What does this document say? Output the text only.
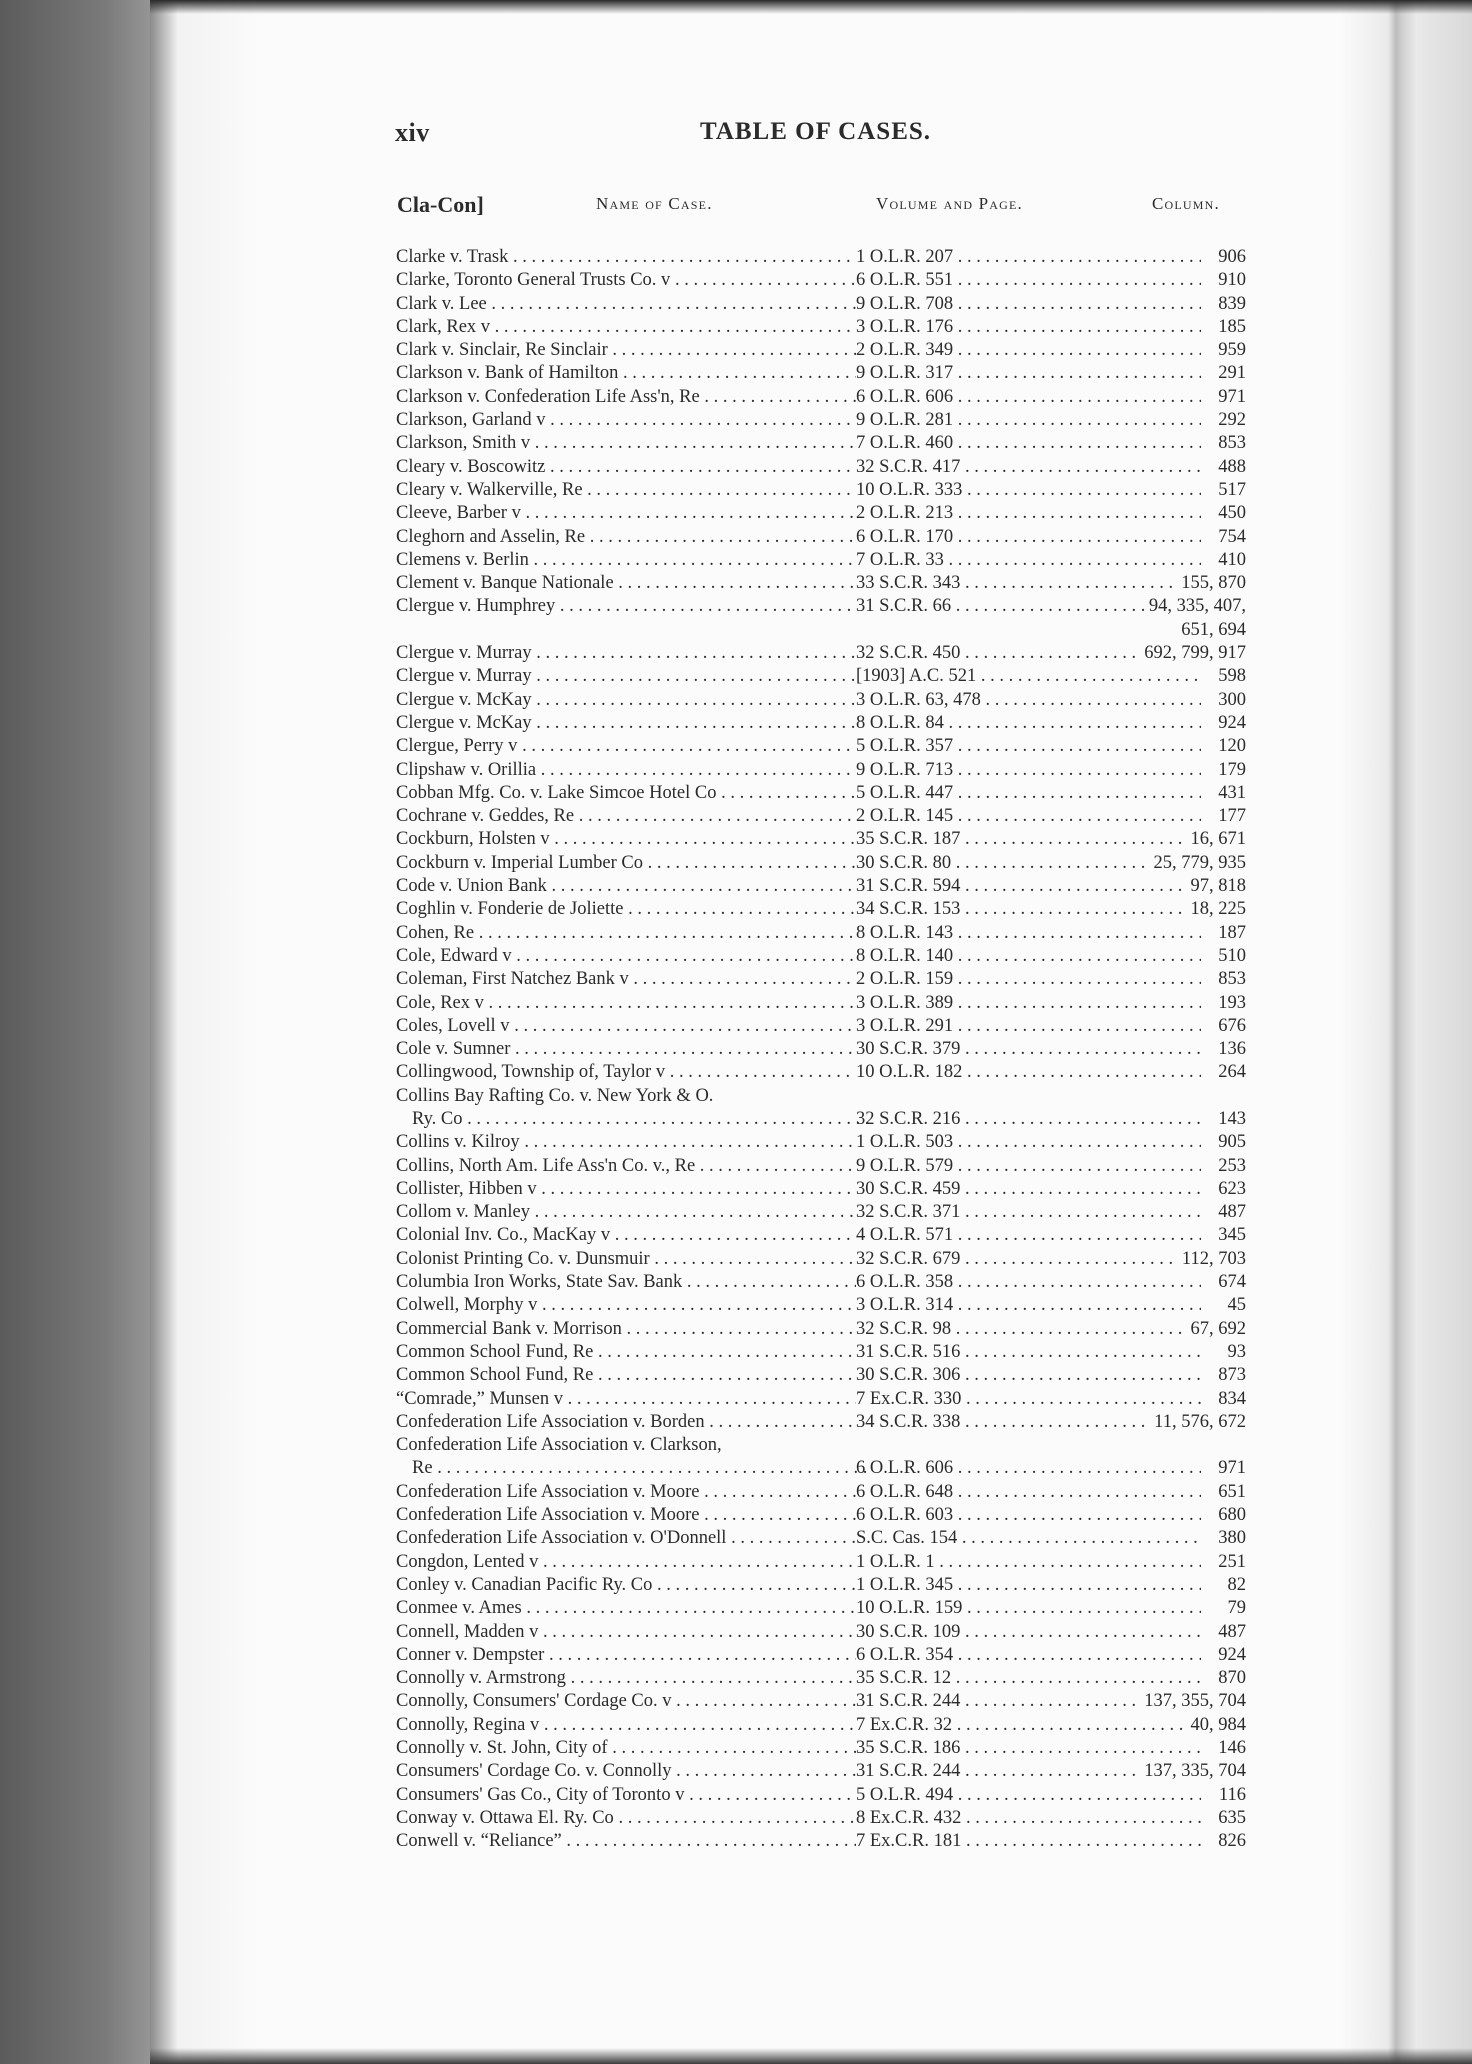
xiv	TABLE OF CASES.
Cla-Con]	Name of Case.	Volume and Page.	Column.
Clarke v. Trask . . .	1 O.L.R. 207 . . .	906
Clarke, Toronto General Trusts Co. v . . .	6 O.L.R. 551 . . .	910
Clark v. Lee . . .	9 O.L.R. 708 . . .	839
Clark, Rex v . . .	3 O.L.R. 176 . . .	185
Clark v. Sinclair, Re Sinclair . . .	2 O.L.R. 349 . . .	959
Clarkson v. Bank of Hamilton . . .	9 O.L.R. 317 . . .	291
Clarkson v. Confederation Life Ass'n, Re . . .	6 O.L.R. 606 . . .	971
Clarkson, Garland v . . .	9 O.L.R. 281 . . .	292
Clarkson, Smith v . . .	7 O.L.R. 460 . . .	853
Cleary v. Boscowitz . . .	32 S.C.R. 417 . . .	488
Cleary v. Walkerville, Re . . .	10 O.L.R. 333 . . .	517
Cleeve, Barber v . . .	2 O.L.R. 213 . . .	450
Cleghorn and Asselin, Re . . .	6 O.L.R. 170 . . .	754
Clemens v. Berlin . . .	7 O.L.R. 33 . . .	410
Clement v. Banque Nationale . . .	33 S.C.R. 343 . . .	155, 870
Clergue v. Humphrey . . .	31 S.C.R. 66 . . .	94, 335, 407,
651, 694
Clergue v. Murray . . .	32 S.C.R. 450 . . .	692, 799, 917
Clergue v. Murray . . .	[1903] A.C. 521 . . .	598
Clergue v. McKay . . .	3 O.L.R. 63, 478 . . .	300
Clergue v. McKay . . .	8 O.L.R. 84 . . .	924
Clergue, Perry v . . .	5 O.L.R. 357 . . .	120
Clipshaw v. Orillia . . .	9 O.L.R. 713 . . .	179
Cobban Mfg. Co. v. Lake Simcoe Hotel Co . . .	5 O.L.R. 447 . . .	431
Cochrane v. Geddes, Re . . .	2 O.L.R. 145 . . .	177
Cockburn, Holsten v . . .	35 S.C.R. 187 . . .	16, 671
Cockburn v. Imperial Lumber Co . . .	30 S.C.R. 80 . . .	25, 779, 935
Code v. Union Bank . . .	31 S.C.R. 594 . . .	97, 818
Coghlin v. Fonderie de Joliette . . .	34 S.C.R. 153 . . .	18, 225
Cohen, Re . . .	8 O.L.R. 143 . . .	187
Cole, Edward v . . .	8 O.L.R. 140 . . .	510
Coleman, First Natchez Bank v . . .	2 O.L.R. 159 . . .	853
Cole, Rex v . . .	3 O.L.R. 389 . . .	193
Coles, Lovell v . . .	3 O.L.R. 291 . . .	676
Cole v. Sumner . . .	30 S.C.R. 379 . . .	136
Collingwood, Township of, Taylor v . . .	10 O.L.R. 182 . . .	264
Collins Bay Rafting Co. v. New York & O.
Ry. Co . . .	32 S.C.R. 216 . . .	143
Collins v. Kilroy . . .	1 O.L.R. 503 . . .	905
Collins, North Am. Life Ass'n Co. v., Re . . .	9 O.L.R. 579 . . .	253
Collister, Hibben v . . .	30 S.C.R. 459 . . .	623
Collom v. Manley . . .	32 S.C.R. 371 . . .	487
Colonial Inv. Co., MacKay v . . .	4 O.L.R. 571 . . .	345
Colonist Printing Co. v. Dunsmuir . . .	32 S.C.R. 679 . . .	112, 703
Columbia Iron Works, State Sav. Bank . . .	6 O.L.R. 358 . . .	674
Colwell, Morphy v . . .	3 O.L.R. 314 . . .	45
Commercial Bank v. Morrison . . .	32 S.C.R. 98 . . .	67, 692
Common School Fund, Re . . .	31 S.C.R. 516 . . .	93
Common School Fund, Re . . .	30 S.C.R. 306 . . .	873
“Comrade,” Munsen v . . .	7 Ex.C.R. 330 . . .	834
Confederation Life Association v. Borden . . .	34 S.C.R. 338 . . .	11, 576, 672
Confederation Life Association v. Clarkson,
Re . . .	6 O.L.R. 606 . . .	971
Confederation Life Association v. Moore . . .	6 O.L.R. 648 . . .	651
Confederation Life Association v. Moore . . .	6 O.L.R. 603 . . .	680
Confederation Life Association v. O'Donnell . . .	S.C. Cas. 154 . . .	380
Congdon, Lented v . . .	1 O.L.R. 1 . . .	251
Conley v. Canadian Pacific Ry. Co . . .	1 O.L.R. 345 . . .	82
Conmee v. Ames . . .	10 O.L.R. 159 . . .	79
Connell, Madden v . . .	30 S.C.R. 109 . . .	487
Conner v. Dempster . . .	6 O.L.R. 354 . . .	924
Connolly v. Armstrong . . .	35 S.C.R. 12 . . .	870
Connolly, Consumers' Cordage Co. v . . .	31 S.C.R. 244 . . .	137, 355, 704
Connolly, Regina v . . .	7 Ex.C.R. 32 . . .	40, 984
Connolly v. St. John, City of . . .	35 S.C.R. 186 . . .	146
Consumers' Cordage Co. v. Connolly . . .	31 S.C.R. 244 . . .	137, 335, 704
Consumers' Gas Co., City of Toronto v . . .	5 O.L.R. 494 . . .	116
Conway v. Ottawa El. Ry. Co . . .	8 Ex.C.R. 432 . . .	635
Conwell v. “Reliance” . . .	7 Ex.C.R. 181 . . .	826
